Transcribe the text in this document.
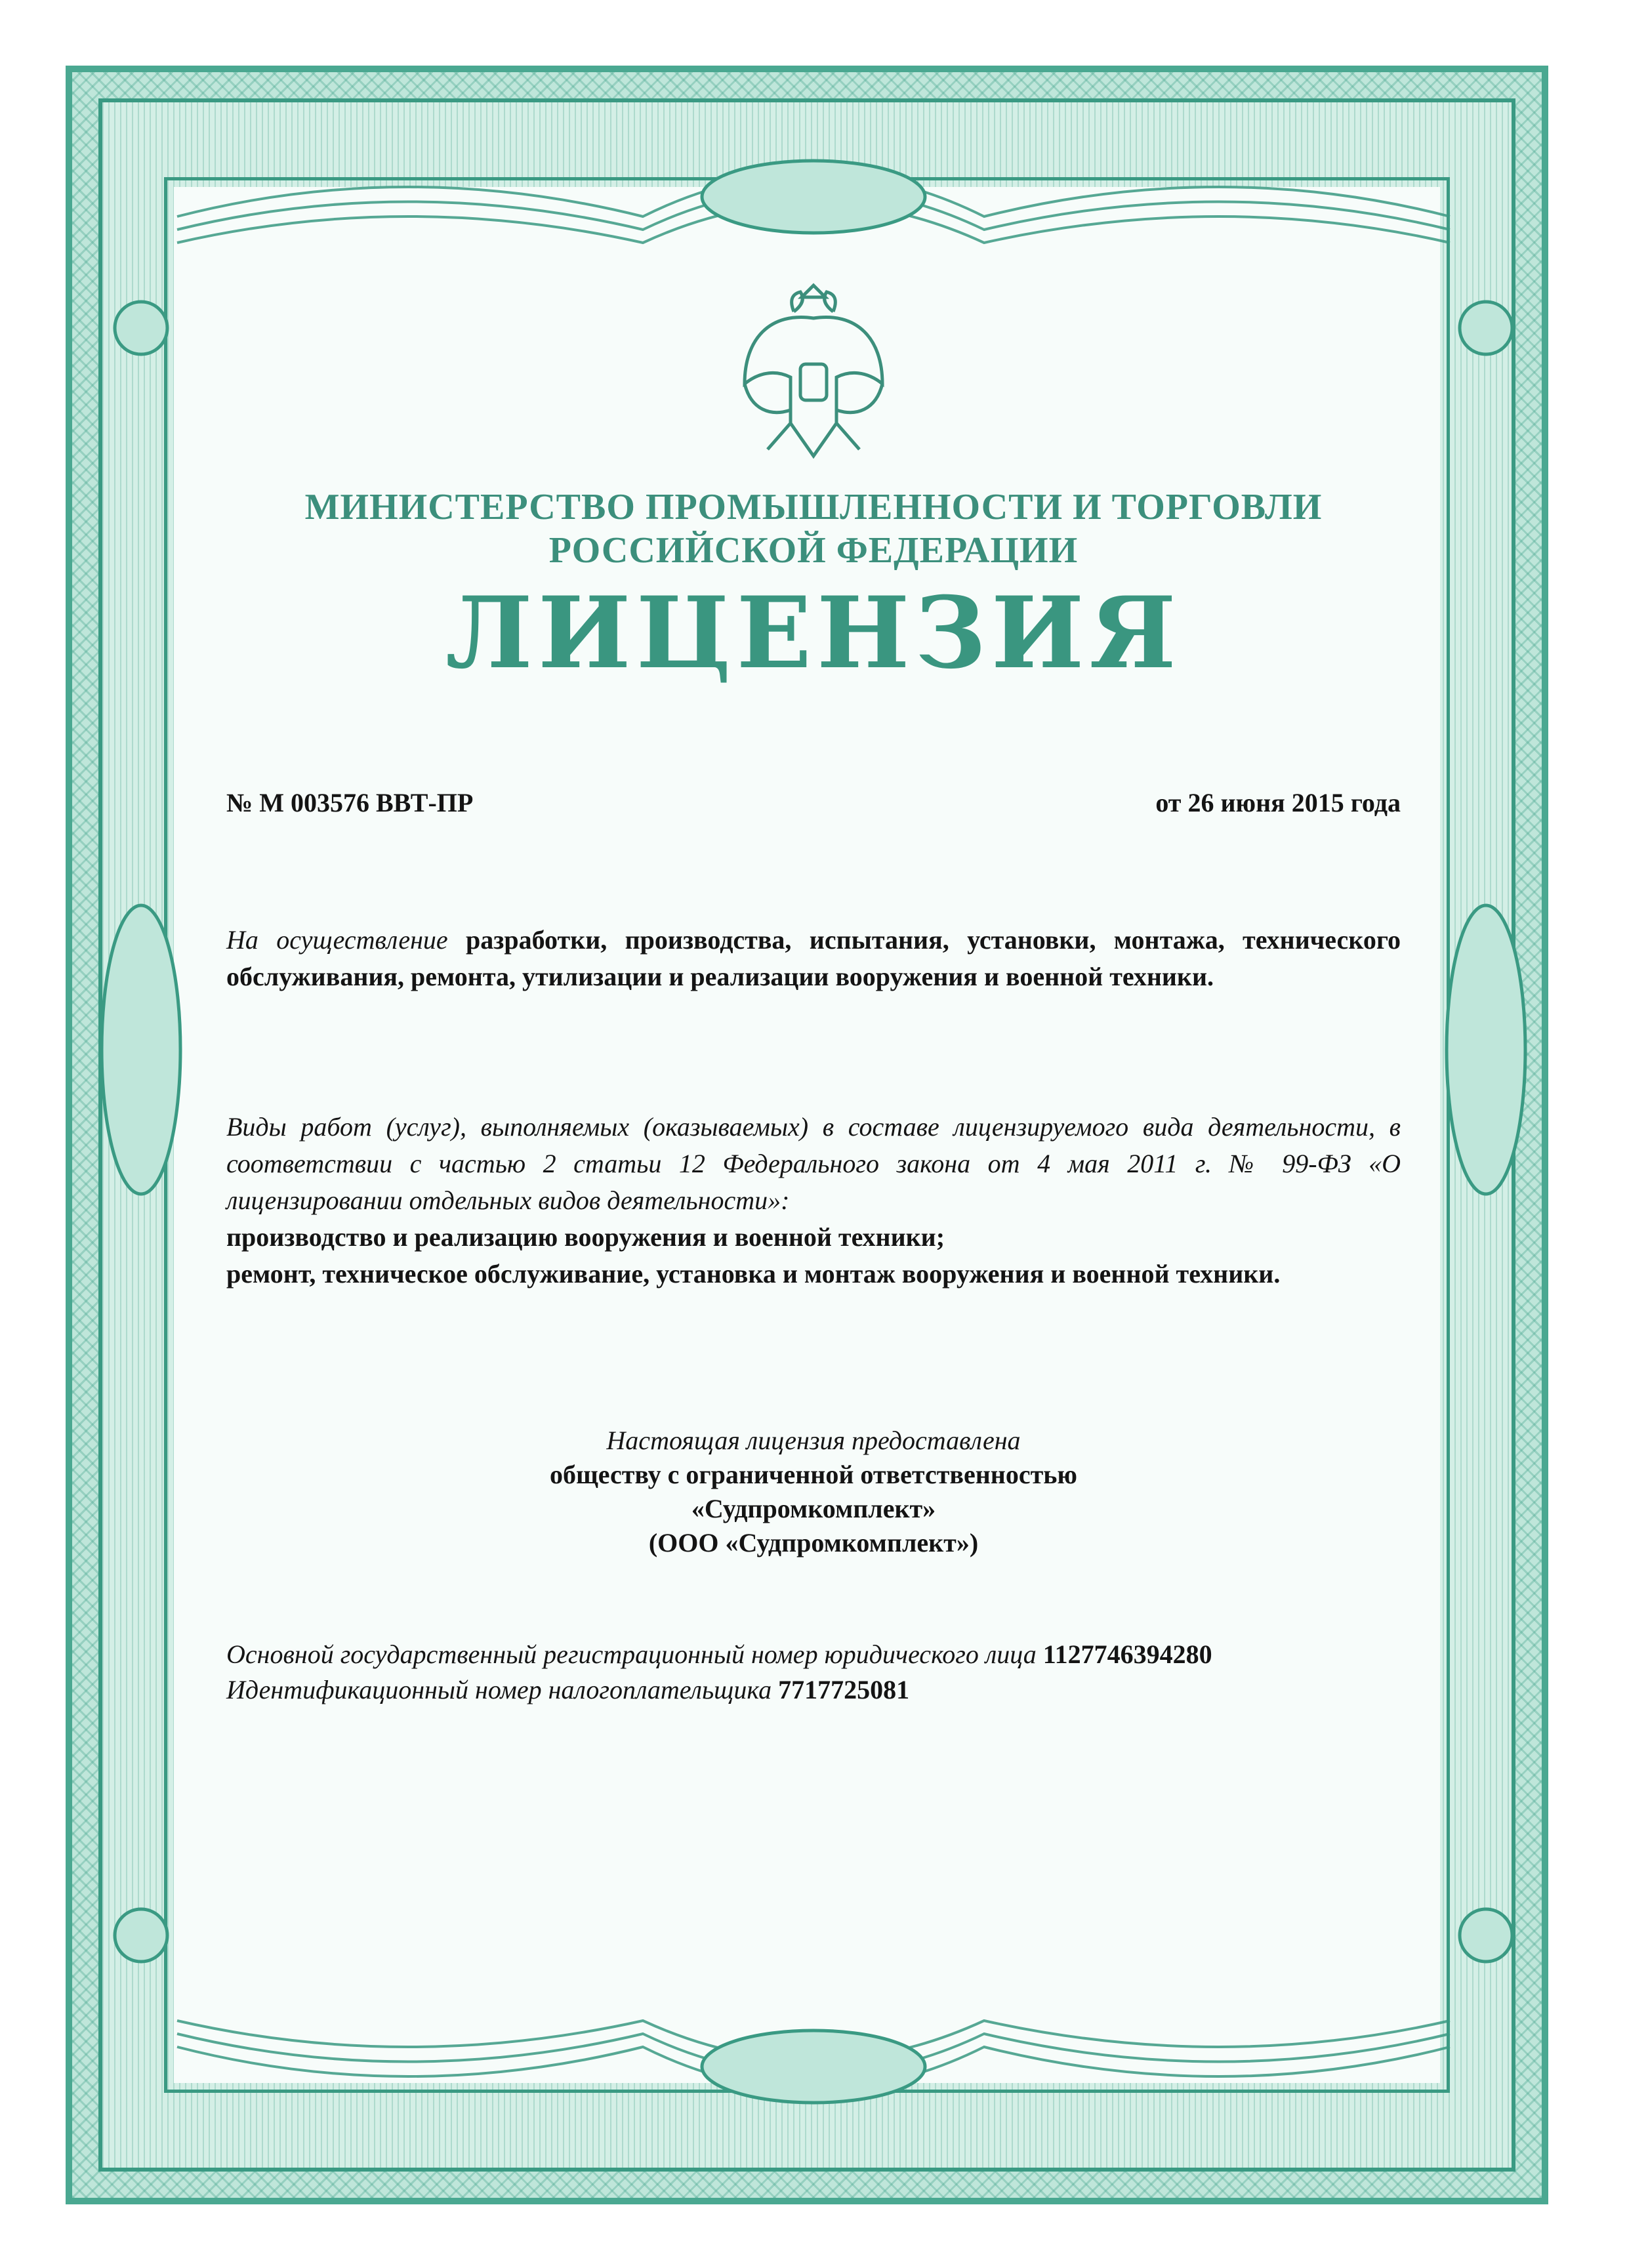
МИНИСТЕРСТВО ПРОМЫШЛЕННОСТИ И ТОРГОВЛИ
РОССИЙСКОЙ ФЕДЕРАЦИИ
ЛИЦЕНЗИЯ
№ М 003576 ВВТ-ПР	от 26 июня 2015 года
На осуществление разработки, производства, испытания, установки, монтажа, технического обслуживания, ремонта, утилизации и реализации вооружения и военной техники.
Виды работ (услуг), выполняемых (оказываемых) в составе лицензируемого вида деятельности, в соответствии с частью 2 статьи 12 Федерального закона от 4 мая 2011 г. № 99-ФЗ «О лицензировании отдельных видов деятельности»:
производство и реализацию вооружения и военной техники;
ремонт, техническое обслуживание, установка и монтаж вооружения и военной техники.
Настоящая лицензия предоставлена
обществу с ограниченной ответственностью
«Судпромкомплект»
(ООО «Судпромкомплект»)
Основной государственный регистрационный номер юридического лица 1127746394280
Идентификационный номер налогоплательщика 7717725081
